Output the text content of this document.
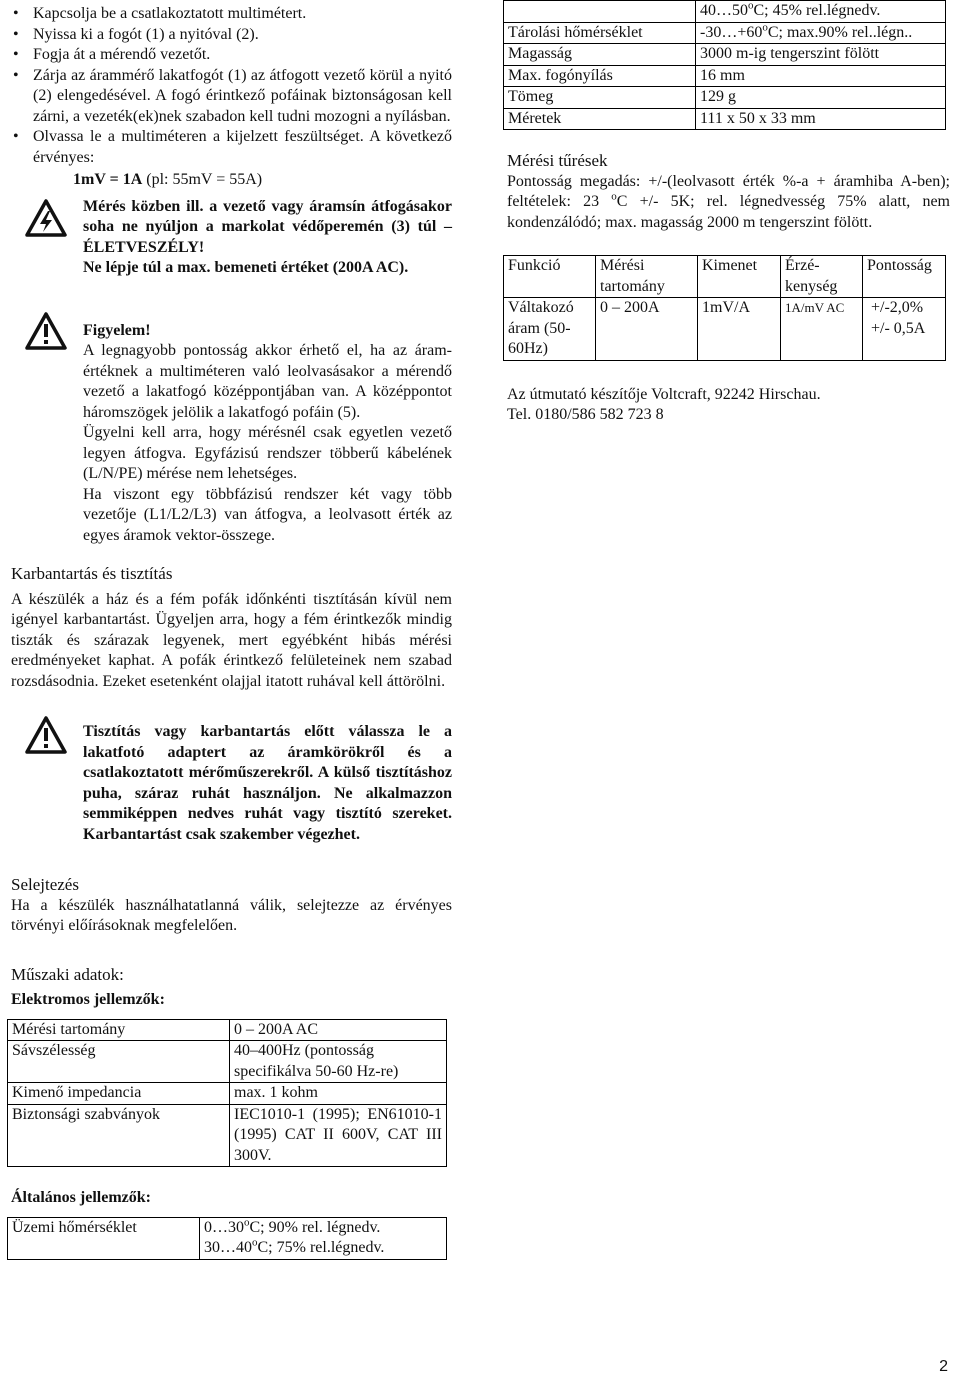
• Kapcsolja be a csatlakoztatott multimétert.
• Nyissa ki a fogót (1) a nyitóval (2).
• Fogja át a mérendő vezetőt.
• Zárja az árammérő lakatfogót (1) az átfogott vezető körül a nyitó (2) elengedésével. A fogó érintkező pofáinak biztonságosan kell zárni, a vezeték(ek)nek szabadon kell tudni mozogni a nyílásban.
• Olvassa le a multiméteren a kijelzett feszültséget. A következő érvényes:
1mV = 1A (pl: 55mV = 55A)
Mérés közben ill. a vezető vagy áramsín átfogásakor soha ne nyúljon a markolat védőperemén (3) túl – ÉLETVESZÉLY!
Ne lépje túl a max. bemeneti értéket (200A AC).
Figyelem!
A legnagyobb pontosság akkor érhető el, ha az áram-értéknek a multiméteren való leolvasásakor a mérendő vezető a lakatfogó középpontjában van. A középpontot háromszögek jelölik a lakatfogó pofáin (5).
Ügyelni kell arra, hogy mérésnél csak egyetlen vezető legyen átfogva. Egyfázisú rendszer többerű kábelének (L/N/PE) mérése nem lehetséges.
Ha viszont egy többfázisú rendszer két vagy több vezetője (L1/L2/L3) van átfogva, a leolvasott érték az egyes áramok vektor-összege.
Karbantartás és tisztítás
A készülék a ház és a fém pofák időnkénti tisztításán kívül nem igényel karbantartást. Ügyeljen arra, hogy a fém érintkezők mindig tiszták és szárazak legyenek, mert egyébként hibás mérési eredményeket kaphat. A pofák érintkező felületeinek nem szabad rozsdásodnia. Ezeket esetenként olajjal itatott ruhával kell áttörölni.
Tisztítás vagy karbantartás előtt válassza le a lakatfotó adaptert az áramkörökről és a csatlakoztatott mérőműszerekről. A külső tisztításhoz puha, száraz ruhát használjon. Ne alkalmazzon semmiképpen nedves ruhát vagy tisztító szereket. Karbantartást csak szakember végezhet.
Selejtezés
Ha a készülék használhatatlanná válik, selejtezze az érvényes törvényi előírásoknak megfelelően.
Műszaki adatok:
Elektromos jellemzők:
Mérési tartomány	0 – 200A AC
Sávszélesség	40–400Hz (pontosság specifikálva 50-60 Hz-re)
Kimenő impedancia	max. 1 kohm
Biztonsági szabványok	IEC1010-1 (1995); EN61010-1 (1995) CAT II 600V, CAT III 300V.
Általános jellemzők:
Üzemi hőmérséklet	0…30$^o$C; 90% rel. légnedv.
30…40$^o$C; 75% rel.légnedv.
	40…50$^o$C; 45% rel.légnedv.
Tárolási hőmérséklet	$-30\dots+60^oC$; max.90% rel..légn..
Magasság	3000 m-ig tengerszint fölött
Max. fogónyílás	16 mm
Tömeg	129 g
Méretek	111 x 50 x 33 mm
Mérési tűrések
Pontosság megadás: +/-(leolvasott érték %-a + áramhiba A-ben); feltételek: 23 $^o$C +/- 5K; rel. légnedvesség 75% alatt, nem kondenzálódó; max. magasság 2000 m tengerszint fölött.
Funkció	Mérési tartomány	Kimenet	Érzé-kenység	Pontosság
Váltakozó áram (50-60Hz)	0 – 200A	1mV/A	1A/mV AC	+/-2,0%
+/- 0,5A
Az útmutató készítője Voltcraft, 92242 Hirschau.
Tel. 0180/586 582 723 8
2
